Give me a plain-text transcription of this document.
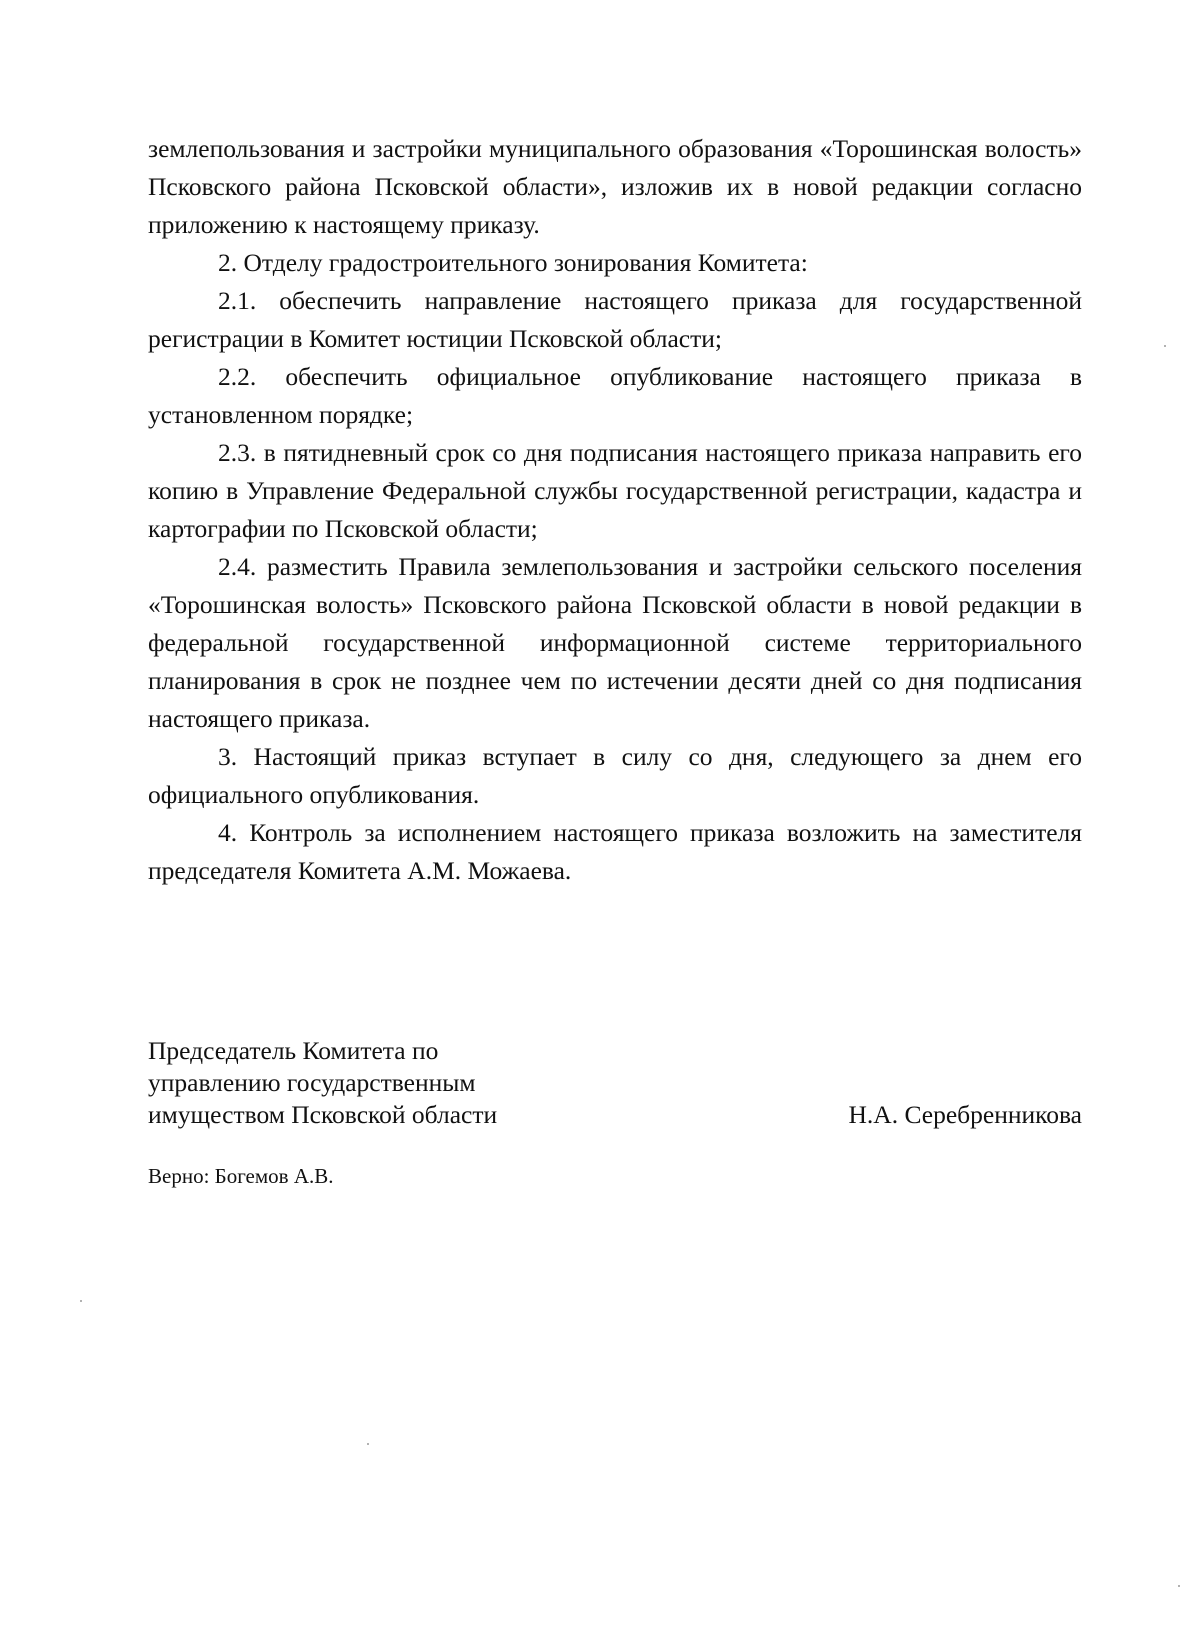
землепользования и застройки муниципального образования «Торошинская волость» Псковского района Псковской области», изложив их в новой редакции согласно приложению к настоящему приказу.

2. Отделу градостроительного зонирования Комитета:

2.1. обеспечить направление настоящего приказа для государственной регистрации в Комитет юстиции Псковской области;

2.2. обеспечить официальное опубликование настоящего приказа в установленном порядке;

2.3. в пятидневный срок со дня подписания настоящего приказа направить его копию в Управление Федеральной службы государственной регистрации, кадастра и картографии по Псковской области;

2.4. разместить Правила землепользования и застройки сельского поселения «Торошинская волость» Псковского района Псковской области в новой редакции в федеральной государственной информационной системе территориального планирования в срок не позднее чем по истечении десяти дней со дня подписания настоящего приказа.

3. Настоящий приказ вступает в силу со дня, следующего за днем его официального опубликования.

4. Контроль за исполнением настоящего приказа возложить на заместителя председателя Комитета А.М. Можаева.

Председатель Комитета по
управлению государственным
имуществом Псковской области	Н.А. Серебренникова
Верно: Богемов А.В.
